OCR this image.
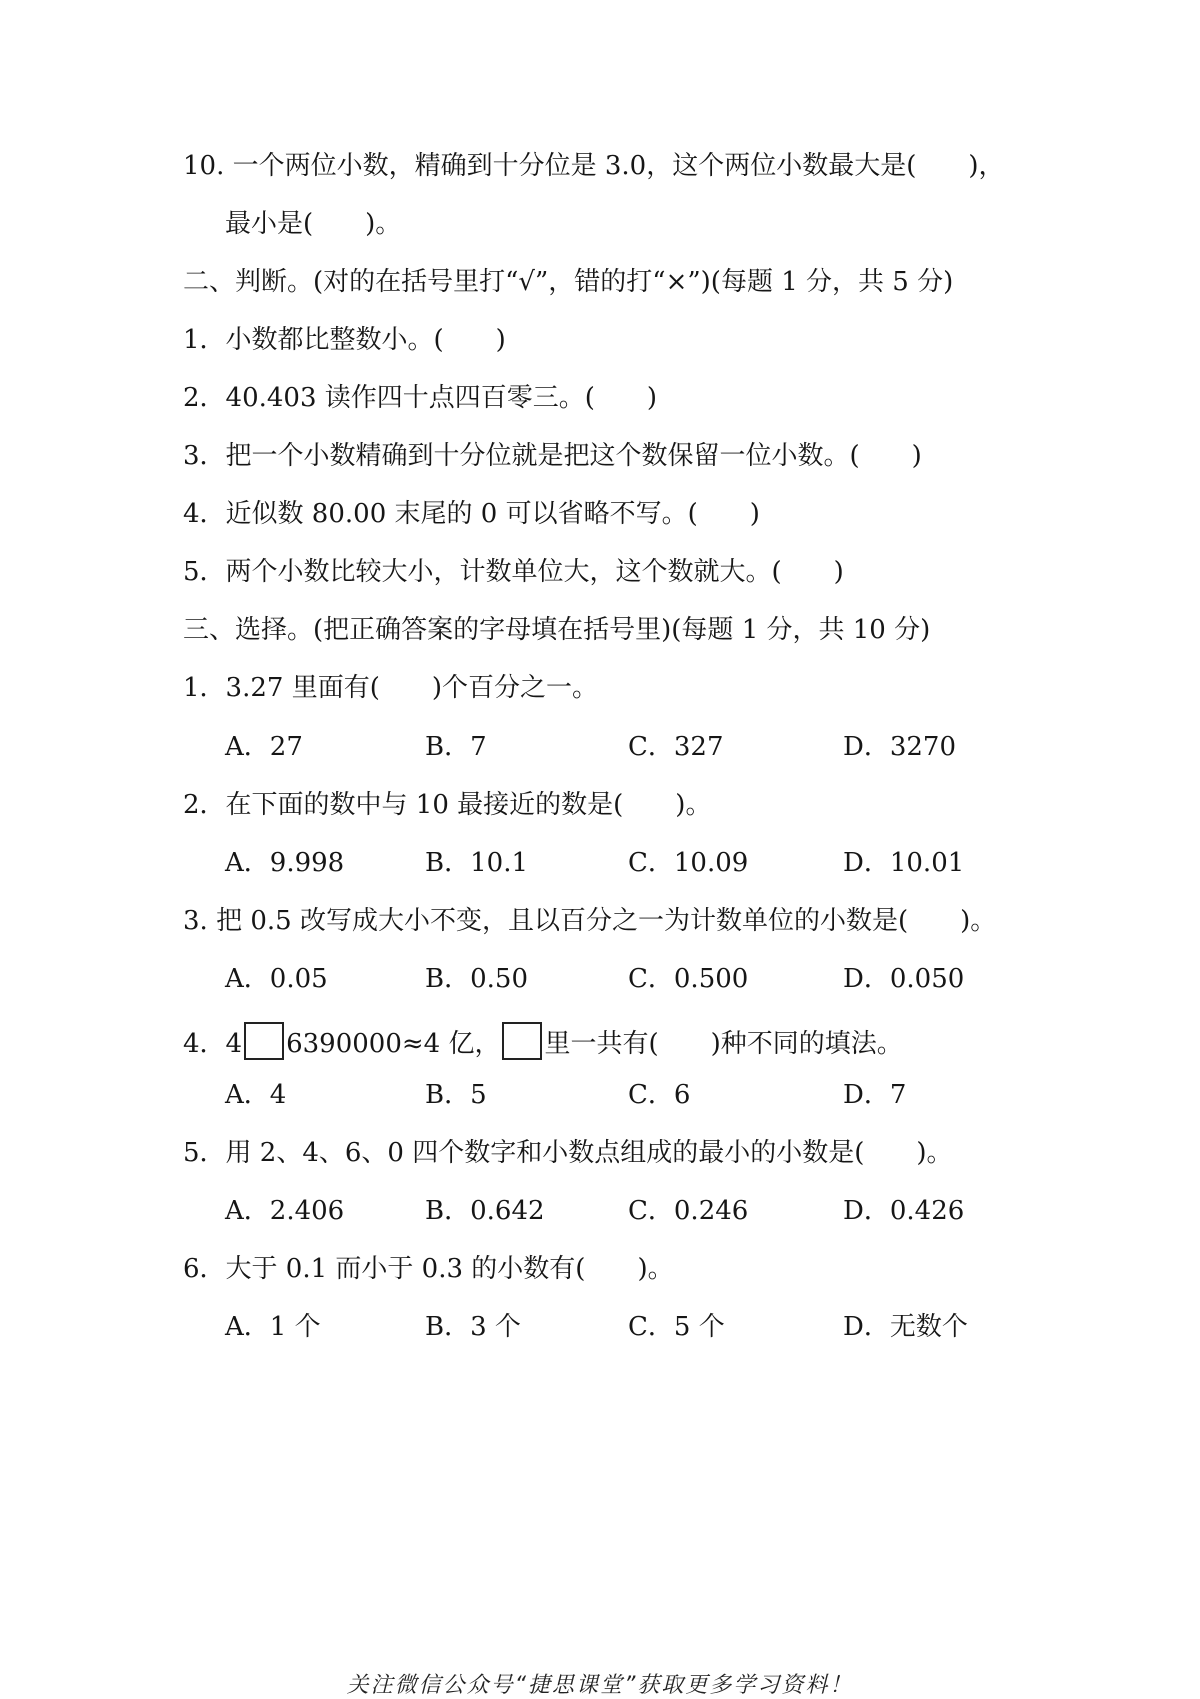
10. 一个两位小数，精确到十分位是 3.0，这个两位小数最大是(　　)，
最小是(　　)。
二、判断。(对的在括号里打“√”，错的打“×”)(每题 1 分，共 5 分)
1．小数都比整数小。(　　)
2．40.403 读作四十点四百零三。(　　)
3．把一个小数精确到十分位就是把这个数保留一位小数。(　　)
4．近似数 80.00 末尾的 0 可以省略不写。(　　)
5．两个小数比较大小，计数单位大，这个数就大。(　　)
三、选择。(把正确答案的字母填在括号里)(每题 1 分，共 10 分)
1．3.27 里面有(　　)个百分之一。
A．27	B．7	C．327	D．3270
2．在下面的数中与 10 最接近的数是(　　)。
A．9.998	B．10.1	C．10.09	D．10.01
3. 把 0.5 改写成大小不变，且以百分之一为计数单位的小数是(　　)。
A．0.05	B．0.50	C．0.500	D．0.050
4．4 6390000≈4 亿， 里一共有(　　)种不同的填法。
A．4	B．5	C．6	D．7
5．用 2、4、6、0 四个数字和小数点组成的最小的小数是(　　)。
A．2.406	B．0.642	C．0.246	D．0.426
6．大于 0.1 而小于 0.3 的小数有(　　)。
A．1 个	B．3 个	C．5 个	D．无数个
关注微信公众号“捷思课堂”获取更多学习资料！
